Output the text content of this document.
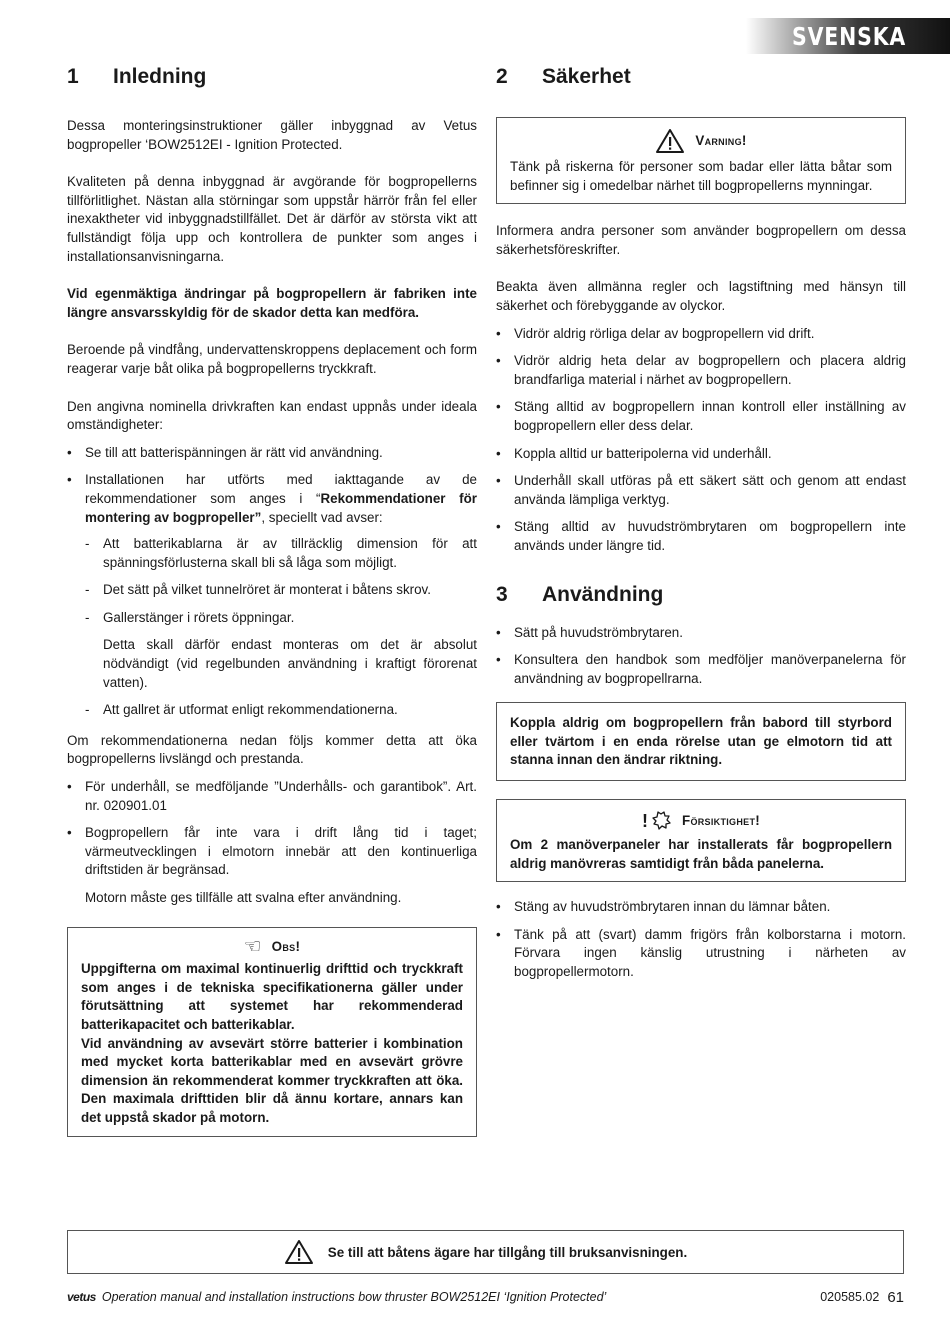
SVENSKA
1	Inledning

Dessa monteringsinstruktioner gäller inbyggnad av Vetus bogpropeller ‘BOW2512EI - Ignition Protected.

Kvaliteten på denna inbyggnad är avgörande för bogpropellerns tillförlitlighet. Nästan alla störningar som uppstår härrör från fel eller inexaktheter vid inbyggnadstillfället. Det är därför av största vikt att fullständigt följa upp och kontrollera de punkter som anges i installationsanvisningarna.

Vid egenmäktiga ändringar på bogpropellern är fabriken inte längre ansvarsskyldig för de skador detta kan medföra.

Beroende på vindfång, undervattenskroppens deplacement och form reagerar varje båt olika på bogpropellerns tryckkraft.

Den angivna nominella drivkraften kan endast uppnås under ideala omständigheter:

• Se till att batterispänningen är rätt vid användning.
• Installationen har utförts med iakttagande av de rekommendationer som anges i “Rekommendationer för montering av bogpropeller”, speciellt vad avser:
- Att batterikablarna är av tillräcklig dimension för att spänningsförlusterna skall bli så låga som möjligt.
- Det sätt på vilket tunnelröret är monterat i båtens skrov.
- Gallerstänger i rörets öppningar.

Detta skall därför endast monteras om det är absolut nödvändigt (vid regelbunden användning i kraftigt förorenat vatten).

- Att gallret är utformat enligt rekommendationerna.

Om rekommendationerna nedan följs kommer detta att öka bogpropellerns livslängd och prestanda.

• För underhåll, se medföljande ”Underhålls- och garantibok”. Art. nr. 020901.01
• Bogpropellern får inte vara i drift lång tid i taget; värmeutvecklingen i elmotorn innebär att den kontinuerliga driftstiden är begränsad.

Motorn måste ges tillfälle att svalna efter användning.

☜ Obs!

Uppgifterna om maximal kontinuerlig drifttid och tryckkraft som anges i de tekniska specifikationerna gäller under förutsättning att systemet har rekommenderad batterikapacitet och batterikablar.

Vid användning av avsevärt större batterier i kombination med mycket korta batterikablar med en avsevärt grövre dimension än rekommenderat kommer tryckkraften att öka. Den maximala drifttiden blir då ännu kortare, annars kan det uppstå skador på motorn.

2	Säkerhet
Varning!

Tänk på riskerna för personer som badar eller lätta båtar som befinner sig i omedelbar närhet till bogpropellerns mynningar.

Informera andra personer som använder bogpropellern om dessa säkerhetsföreskrifter.

Beakta även allmänna regler och lagstiftning med hänsyn till säkerhet och förebyggande av olyckor.

• Vidrör aldrig rörliga delar av bogpropellern vid drift.
• Vidrör aldrig heta delar av bogpropellern och placera aldrig brandfarliga material i närhet av bogpropellern.
• Stäng alltid av bogpropellern innan kontroll eller inställning av bogpropellern eller dess delar.
• Koppla alltid ur batteripolerna vid underhåll.
• Underhåll skall utföras på ett säkert sätt och genom att endast använda lämpliga verktyg.
• Stäng alltid av huvudströmbrytaren om bogpropellern inte används under längre tid.
3	Användning
• Sätt på huvudströmbrytaren.
• Konsultera den handbok som medföljer manöverpanelerna för användning av bogpropellrarna.

Koppla aldrig om bogpropellern från babord till styrbord eller tvärtom i en enda rörelse utan ge elmotorn tid att stanna innan den ändrar riktning.

!	Försiktighet!

Om 2 manöverpaneler har installerats får bogpropellern aldrig manövreras samtidigt från båda panelerna.

• Stäng av huvudströmbrytaren innan du lämnar båten.
• Tänk på att (svart) damm frigörs från kolborstarna i motorn. Förvara ingen känslig utrustning i närheten av bogpropellermotorn.
Se till att båtens ägare har tillgång till bruksanvisningen.
vetus Operation manual and installation instructions bow thruster BOW2512EI ‘Ignition Protected’	020585.02 61
